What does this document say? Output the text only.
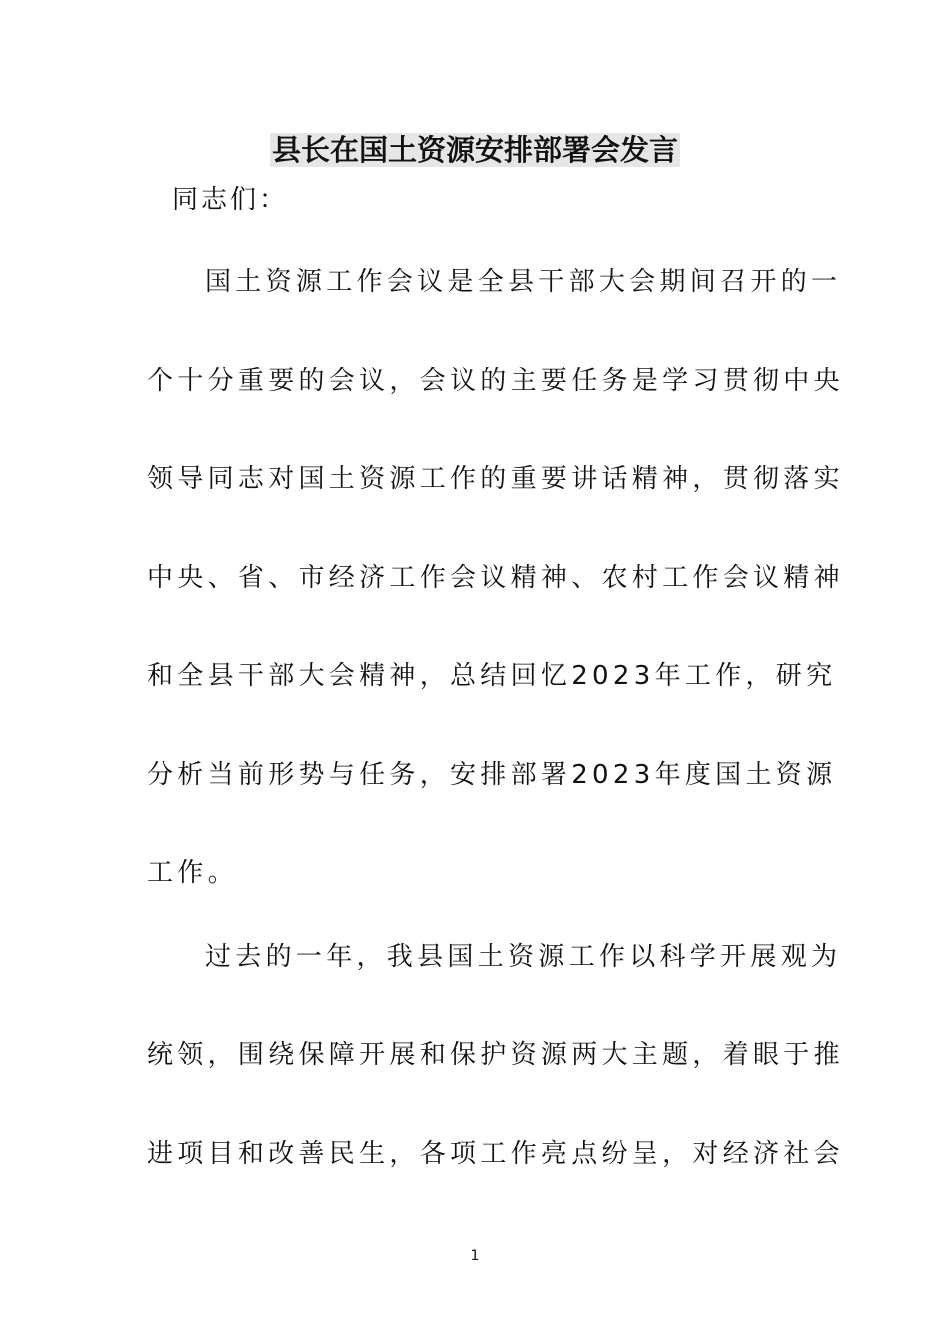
县长在国土资源安排部署会发言
同志们：
国土资源工作会议是全县干部大会期间召开的一
个十分重要的会议，会议的主要任务是学习贯彻中央
领导同志对国土资源工作的重要讲话精神，贯彻落实
中央、省、市经济工作会议精神、农村工作会议精神
和全县干部大会精神，总结回忆2023年工作，研究
分析当前形势与任务，安排部署2023年度国土资源
工作。
过去的一年，我县国土资源工作以科学开展观为
统领，围绕保障开展和保护资源两大主题，着眼于推
进项目和改善民生，各项工作亮点纷呈，对经济社会
1
